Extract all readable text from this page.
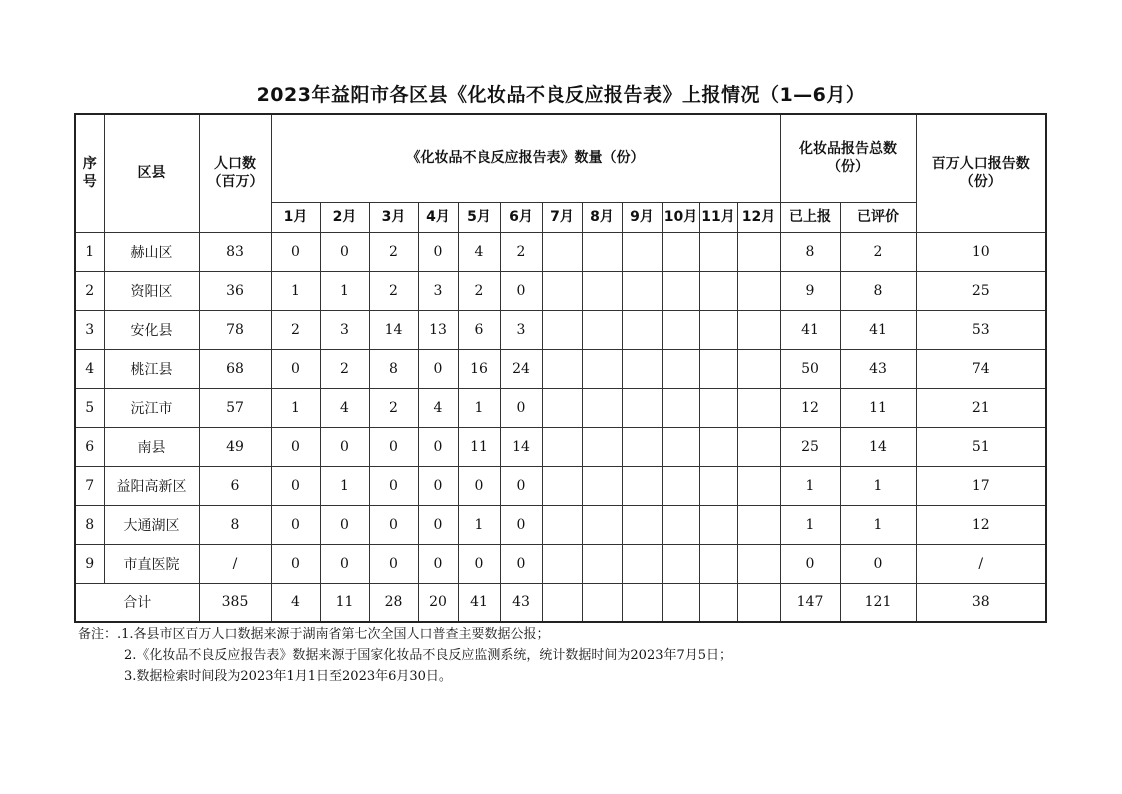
2023年益阳市各区县《化妆品不良反应报告表》上报情况（1—6月）
序号	区县	人口数（百万）	《化妆品不良反应报告表》数量（份）												化妆品报告总数（份）		百万人口报告数（份）
			1月	2月	3月	4月	5月	6月	7月	8月	9月	10月	11月	12月	已上报	已评价	
1	赫山区	83	0	0	2	0	4	2							8	2	10
2	资阳区	36	1	1	2	3	2	0							9	8	25
3	安化县	78	2	3	14	13	6	3							41	41	53
4	桃江县	68	0	2	8	0	16	24							50	43	74
5	沅江市	57	1	4	2	4	1	0							12	11	21
6	南县	49	0	0	0	0	11	14							25	14	51
7	益阳高新区	6	0	1	0	0	0	0							1	1	17
8	大通湖区	8	0	0	0	0	1	0							1	1	12
9	市直医院	/	0	0	0	0	0	0							0	0	/
合计		385	4	11	28	20	41	43							147	121	38
备注：.1.各县市区百万人口数据来源于湖南省第七次全国人口普查主要数据公报；
2.《化妆品不良反应报告表》数据来源于国家化妆品不良反应监测系统，统计数据时间为2023年7月5日；
3.数据检索时间段为2023年1月1日至2023年6月30日。
